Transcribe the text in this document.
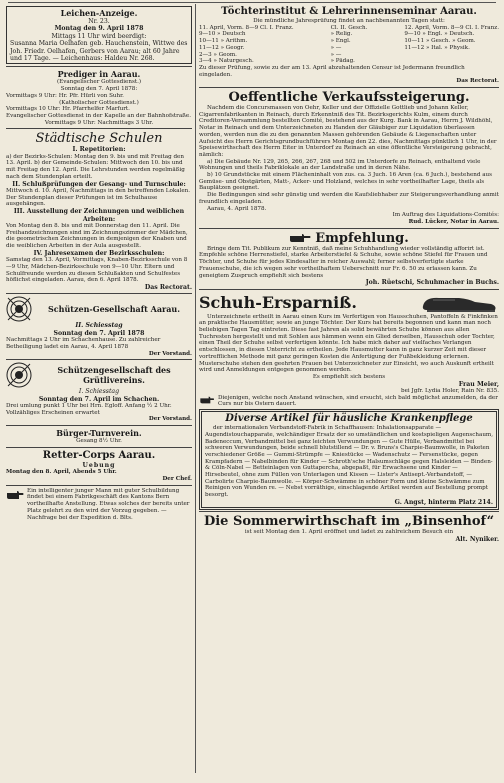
Leichen-Anzeige.
Nr. 23.
Montag den 9. April 1878
Mittags 11 Uhr wird beerdigt:
Susanna Maria Oelhafen geb. Hauchenstein, Wittwe des Joh. Friedr. Oelhafen, Gerbers von Aarau; alt 60 Jahre und 17 Tage. — Leichenhaus: Haldeu Nr. 268.
Prediger in Aarau.
(Evangelischer Gottesdienst.)
Sonntag den 7. April 1878:
Vormittags 9 Uhr: Hr. Pfr. Hürli von Suhr.
(Katholischer Gottesdienst.)
Vormittags 10 Uhr: Hr. Pfarrhelfer Marfurt.
Evangelischer Gottesdienst in der Kapelle an der Bahnhofstraße.
Vormittags 9 Uhr: Nachmittags 3 Uhr.
Städtische Schulen
I. Repetitorien:
a) der Bezirks-Schulen: Montag den 9. bis und mit Freitag den 13. April. b) der Gemeinde-Schulen: Mittwoch den 10. bis und mit Freitag den 12. April. Die Lehrstunden werden regelmäßig nach dem Stundenplan erteilt.
II. Schlußprüfungen der Gesang- und Turnschule:
Mittwoch d. 10. April, Nachmittags in den betreffenden Lokalen. Der Stundenplan dieser Prüfungen ist im Schulhause ausgehängen.
III. Ausstellung der Zeichnungen und weiblichen Arbeiten:
Von Montag den 8. bis und mit Donnerstag den 11. April. Die Freihandzeichnungen sind im Zeichnungszimmer der Mädchen, die geometrischen Zeichnungen in demjenigen der Knaben und die weiblichen Arbeiten in der Aula ausgestellt.
IV. Jahresexamen der Bezirksschulen:
Samstag den 13. April, Vormittags, Knaben-Bezirksschule von 8—9 Uhr, Mädchen-Bezirksschule von 9—10 Uhr. Eltern und Schulfreunde werden zu diesen Schlußakten und Schulfestes höflichst eingeladen. Aarau, den 6. April 1878.
Das Rectorat.
Schützen-Gesellschaft Aarau.
II. Schiesstag
Sonntag den 7. April 1878
Nachmittags 2 Uhr im Schachenhause. Zu zahlreicher Betheiligung ladet ein Aarau, 4. April 1878
Der Vorstand.
Schützengesellschaft des Grütlivereins.
I. Schiesstag
Sonntag den 7. April im Schachen.
Drei umlung punkt 1 Uhr bei Hrn. Egloff. Anfang ½ 2 Uhr. Vollzähliges Erscheinen erwartet
Der Vorstand.
Bürger-Turnverein.
Gesang 8½ Uhr.
Retter-Corps Aarau.
Uebung
Montag den 8. April, Abends 5 Uhr.
Der Chef.
Ein intelligenter junger Mann mit guter Schulbildung findet bei einem Fabrikgeschäft des Kantons Bern vortheilhafte Anstellung. Etwas solches der bereits unter Platz gelehrt zu den wird der Vorzug gegeben. — Nachfrage bei der Expedition d. Blts.
Töchterinstitut & Lehrerinnenseminar Aarau.
Die mündliche Jahresprüfung findet an nachbenannten Tagen statt:
11. April, Vorm. 8—9 Cl. I. Franz.
9—10 » Deutsch
10—11 » Arithm.
11—12 » Geogr.
2—3 » Geom.
3—4 » Naturgesch.
Cl. II. Gesch.
» Relig.
» Engl.
» —
» —
» Pädag.
12. April, Vorm. 8—9 Cl. I. Franz.
9—10 » Engl. » Deutsch.
10—11 » Gesch. » Geom.
11—12 » Ital. » Physik.
Zu dieser Prüfung, sowie zu der am 13. April abzuhaltenden Censur ist Jedermann freundlich eingeladen.
Das Rectorat.
Oeffentliche Verkaufssteigerung.
Nachdem die Concursmassen von Oehr, Keller und der Offizielle Gottlieb und Johann Keller, Cigarrenfabrikanten in Reinach, durch Erkenntniß des Tit. Bezirksgerichts Kulm, einem durch Creditoren-Versammlung bestellten Comité, bestehend aus der Kurg. Bank in Aarau, Herrn J. Wildhöhl, Notar in Reinach und dem Unterzeichneten zu Handen der Gläubiger zur Liquidation überlassen worden, werden nun die zu den genannten Massen gehörenden Gebäude & Liegenschaften unter Aufsicht des Herrn Gerichtsgrundbuchführers Montag den 22. dies, Nachmittags pünktlich 1 Uhr, in der Speisewirthschaft des Herrn Eiter in Unterdorf zu Reinach an eine öffentliche Versteigerung gebracht, nämlich:
a) Die Gebäude Nr. 129, 265, 266, 267, 268 und 502 im Unterdorfe zu Reinach, enthaltend viele Wohnungen und theils Fabriklokale an der Landstraße und in deren Nähe.
b) 10 Grundstücke mit einem Flächeninhalt von zus. ca. 3 Juch. 16 Aren (ca. 6 Juch.), bestehend aus Gemüse- und Obstgärten, Matt-, Acker- und Holzland, welches in sehr vortheilhafter Lage, theils als Bauplätzen geeignet.
Die Bedingungen sind sehr günstig und werden die Kaufsliebhaber zur Steigerungsverhandlung anmit freundlich eingeladen.
Aarau, 4. April 1878.
Im Auftrag des Liquidations-Comités:
Rud. Lücker, Notar in Aarau.
Empfehlung.
Bringe dem Tit. Publikum zur Kenntniß, daß meine Schuhhandlung wieder vollständig afforirt ist. Empfehle schöne Herrenstiefel, starke Arbeiterstiefel & Schuhe, sowie schöne Stiefel für Frauen und Töchter, und Schuhe für jedes Kindesalter in reicher Auswahl; ferner selbstverfertigte starke Frauenschuhe, die ich wegen sehr vortheilhaftem Ueberschnitt nur Fr. 6. 50 zu erlassen kann. Zu geneigtem Zuspruch empfiehlt sich bestens
Joh. Rüetschi, Schuhmacher in Buchs.
Schuh-Ersparniß.
Unterzeichnete ertheilt in Aarau einen Kurs im Verfertigen von Hausschuhen, Pantoffeln & Finkfinken an praktische Hausmütter, sowie an junge Töchter. Der Kurs hat bereits begonnen und kann man noch beliebigen Tagen Tag eintreten. Diese fast Jahren als solid bewährten Schuhe können aus allen Tuchresten hergestellt und mit Sohlen aus hämmen wenn ein Glied derselben, Hausschuh oder Tochter, einen Theil der Schuhe selbst verfertigen könnte. Ich habe mich daher auf vielfaches Verlangen entschlossen, in diesen Unterricht zu ertheilen. Jede Hausmutter kann in ganz kurzer Zeit mit dieser vortrefflichen Methode mit ganz geringen Kosten die Anfertigung der Fußbekleidung erlernen. Musterschuhe stehen den geehrten Frauen bei Unterzeichneter zur Einsicht, wo auch Auskunft ertheilt wird und Anmeldungen entgegen genommen werden.
Es empfiehlt sich bestens
Frau Meier,
bei Jgfr. Lydia Holer, Rain Nr. 835.
Diejenigen, welche noch Anstand wünschen, sind ersucht, sich bald möglichst anzumelden, da der Curs nur bis Ostern dauert.
Diverse Artikel für häusliche Krankenpflege
der internationalen Verbandstoff-Fabrik in Schaffhausen: Inhalationsapparate — Augendistouchapparate, welchändiger Ersatz der so umständlichen und kostspieligen Augenschaum, Badeneccum, Verbandmittel bei ganz leichten Verwundungen — Gute Hülle, Verbandmittel bei schweren Verwundungen, beide schnell blutstillend — Dr. v. Bruns's Charpie-Baumwolle, in Paketen verschiedener Größe — Gummi-Strümpfe — Kniestücke — Wadenschutz — Fersenstücke, gegen Krampfadern — Nabelbinden für Kinder — Schroth'sche Halsumschläge gegen Halsleiden — Binden- & Cöln-Nabel — Betteinlagen von Guttapercha, abgepaßt, für Erwachsene und Kinder — Hirsebeutel, ohne zum Füllen von Unterlagen und Kissen — Lister's Antisept.-Verbandstoff, — Carbolirte Charpie-Baumwolle. — Körper-Schwämme in schöner Form und kleine Schwämme zum Reinigen von Wunden re. — Nebst vorräthige, einschlagende Artikel werden auf Bestellung prompt besorgt.
G. Angst, hinterm Platz 214.
Die Sommerwirthschaft im „Binsenhof“
ist seit Montag den 1. April eröffnet und ladet zu zahlreichem Besuch ein
Alt. Nyniker.
